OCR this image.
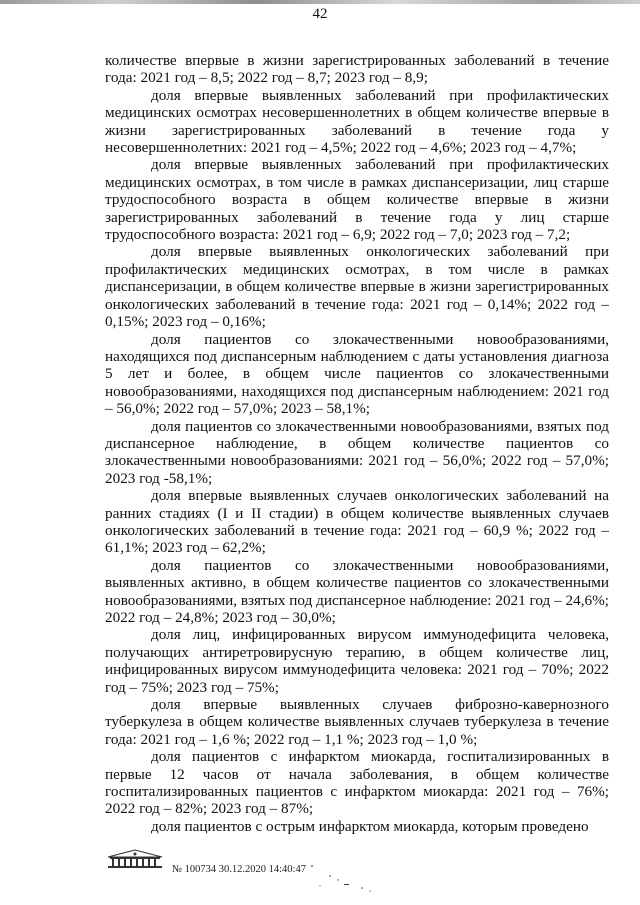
42

количестве впервые в жизни зарегистрированных заболеваний в течение года: 2021 год – 8,5; 2022 год – 8,7; 2023 год – 8,9;

доля впервые выявленных заболеваний при профилактических медицинских осмотрах несовершеннолетних в общем количестве впервые в жизни зарегистрированных заболеваний в течение года у несовершеннолетних: 2021 год – 4,5%; 2022 год – 4,6%; 2023 год – 4,7%;

доля впервые выявленных заболеваний при профилактических медицинских осмотрах, в том числе в рамках диспансеризации, лиц старше трудоспособного возраста в общем количестве впервые в жизни зарегистрированных заболеваний в течение года у лиц старше трудоспособного возраста: 2021 год – 6,9; 2022 год – 7,0; 2023 год – 7,2;

доля впервые выявленных онкологических заболеваний при профилактических медицинских осмотрах, в том числе в рамках диспансеризации, в общем количестве впервые в жизни зарегистрированных онкологических заболеваний в течение года: 2021 год – 0,14%; 2022 год – 0,15%; 2023 год – 0,16%;

доля пациентов со злокачественными новообразованиями, находящихся под диспансерным наблюдением с даты установления диагноза 5 лет и более, в общем числе пациентов со злокачественными новообразованиями, находящихся под диспансерным наблюдением: 2021 год – 56,0%; 2022 год – 57,0%; 2023 – 58,1%;

доля пациентов со злокачественными новообразованиями, взятых под диспансерное наблюдение, в общем количестве пациентов со злокачественными новообразованиями: 2021 год – 56,0%; 2022 год – 57,0%; 2023 год -58,1%;

доля впервые выявленных случаев онкологических заболеваний на ранних стадиях (I и II стадии) в общем количестве выявленных случаев онкологических заболеваний в течение года: 2021 год – 60,9 %; 2022 год – 61,1%; 2023 год – 62,2%;

доля пациентов со злокачественными новообразованиями, выявленных активно, в общем количестве пациентов со злокачественными новообразованиями, взятых под диспансерное наблюдение: 2021 год – 24,6%; 2022 год – 24,8%; 2023 год – 30,0%;

доля лиц, инфицированных вирусом иммунодефицита человека, получающих антиретровирусную терапию, в общем количестве лиц, инфицированных вирусом иммунодефицита человека: 2021 год – 70%; 2022 год – 75%; 2023 год – 75%;

доля впервые выявленных случаев фиброзно-кавернозного туберкулеза в общем количестве выявленных случаев туберкулеза в течение года: 2021 год – 1,6 %; 2022 год – 1,1 %; 2023 год – 1,0 %;

доля пациентов с инфарктом миокарда, госпитализированных в первые 12 часов от начала заболевания, в общем количестве госпитализированных пациентов с инфарктом миокарда: 2021 год – 76%; 2022 год – 82%; 2023 год – 87%;

доля пациентов с острым инфарктом миокарда, которым проведено

№ 100734 30.12.2020 14:40:47
